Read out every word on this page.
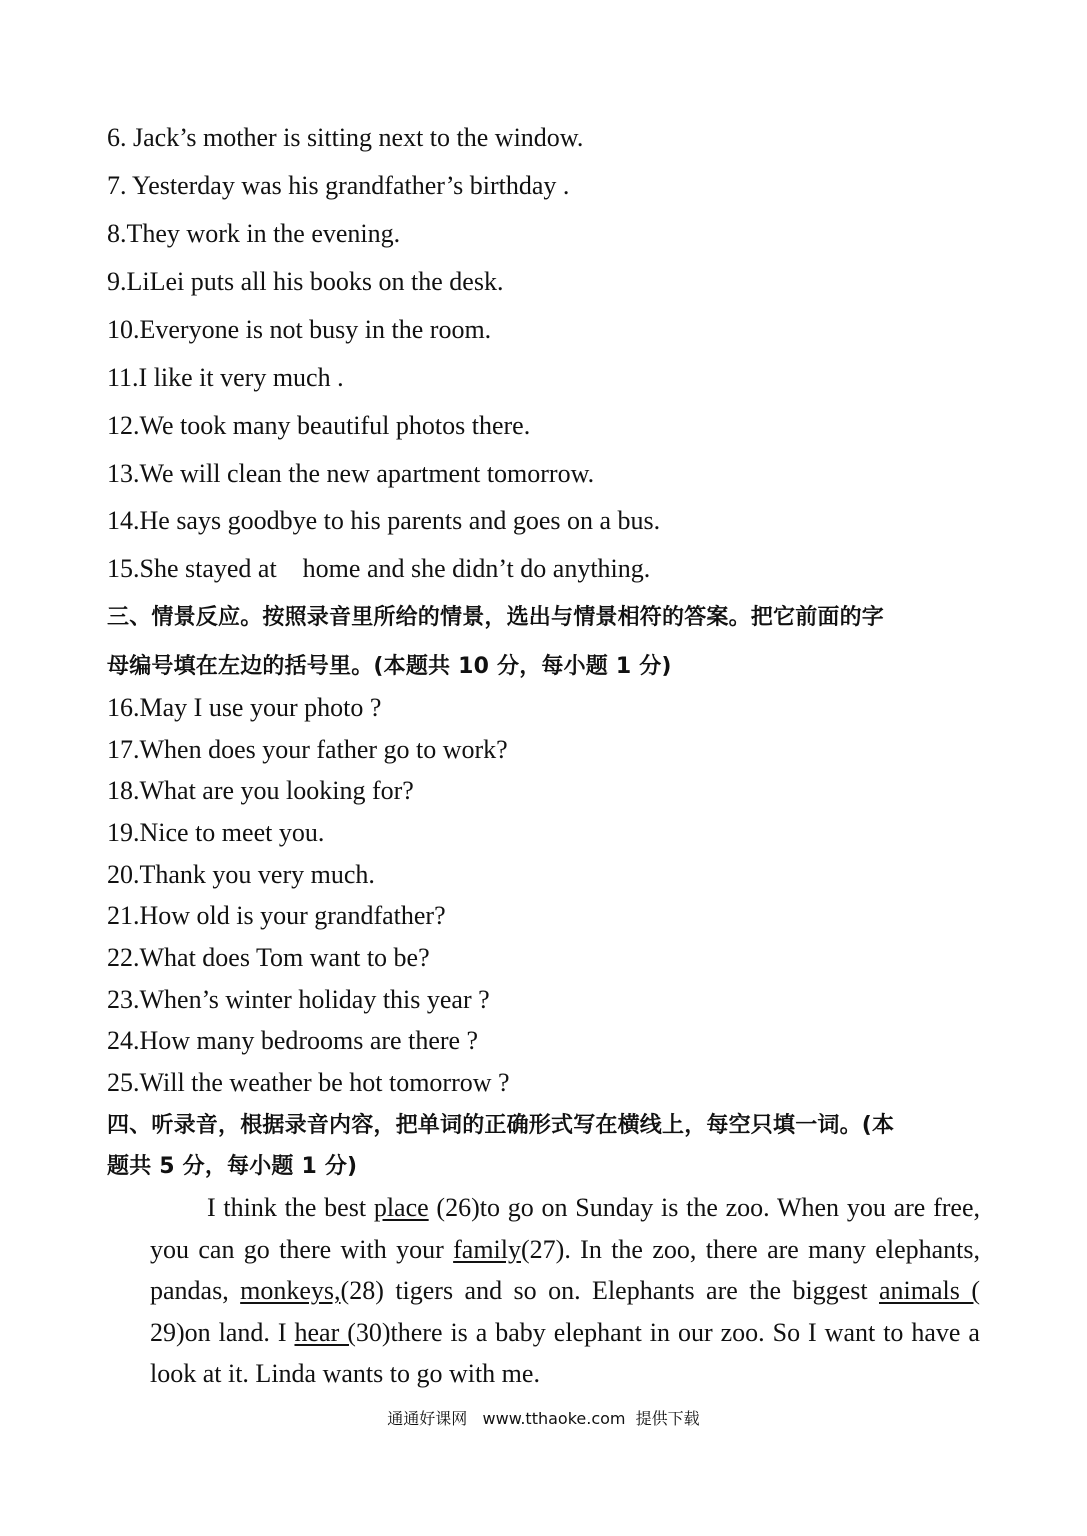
6. Jack’s mother is sitting next to the window.
7. Yesterday was his grandfather’s birthday .
8.They work in the evening.
9.LiLei puts all his books on the desk.
10.Everyone is not busy in the room.
11.I like it very much .
12.We took many beautiful photos there.
13.We will clean the new apartment tomorrow.
14.He says goodbye to his parents and goes on a bus.
15.She stayed at    home and she didn’t do anything.
三、情景反应。按照录音里所给的情景，选出与情景相符的答案。把它前面的字
母编号填在左边的括号里。(本题共 10 分，每小题 1 分)
16.May I use your photo ?
17.When does your father go to work?
18.What are you looking for?
19.Nice to meet you.
20.Thank you very much.
21.How old is your grandfather?
22.What does Tom want to be?
23.When’s winter holiday this year ?
24.How many bedrooms are there ?
25.Will the weather be hot tomorrow ?
四、听录音，根据录音内容，把单词的正确形式写在横线上，每空只填一词。(本
题共 5 分，每小题 1 分)
I think the best place (26)to go on Sunday is the zoo. When you are free, you can go there with your family(27). In the zoo, there are many elephants, pandas, monkeys,(28) tigers and so on. Elephants are the biggest animals ( 29)on land. I hear (30)there is a baby elephant in our zoo. So I want to have a look at it. Linda wants to go with me.
通通好课网   www.tthaoke.com  提供下载
